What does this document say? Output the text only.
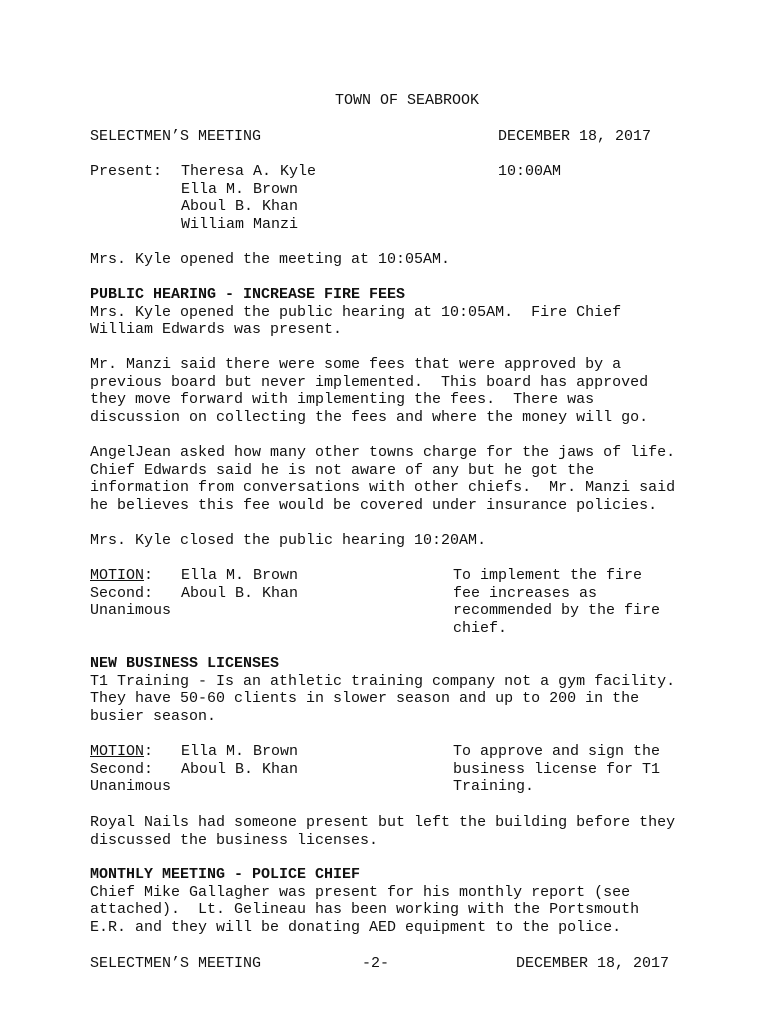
TOWN OF SEABROOK
SELECTMEN’S MEETING	DECEMBER 18, 2017
Present: Theresa A. Kyle	10:00AM
Ella M. Brown
Aboul B. Khan
William Manzi
Mrs. Kyle opened the meeting at 10:05AM.
PUBLIC HEARING - INCREASE FIRE FEES
Mrs. Kyle opened the public hearing at 10:05AM.  Fire Chief
William Edwards was present.
Mr. Manzi said there were some fees that were approved by a
previous board but never implemented.  This board has approved
they move forward with implementing the fees.  There was
discussion on collecting the fees and where the money will go.
AngelJean asked how many other towns charge for the jaws of life.
Chief Edwards said he is not aware of any but he got the
information from conversations with other chiefs.  Mr. Manzi said
he believes this fee would be covered under insurance policies.
Mrs. Kyle closed the public hearing 10:20AM.
MOTION: Ella M. Brown	To implement the fire
Second: Aboul B. Khan	fee increases as
Unanimous	recommended by the fire
chief.
NEW BUSINESS LICENSES
T1 Training - Is an athletic training company not a gym facility.
They have 50-60 clients in slower season and up to 200 in the
busier season.
MOTION: Ella M. Brown	To approve and sign the
Second: Aboul B. Khan	business license for T1
Unanimous	Training.
Royal Nails had someone present but left the building before they
discussed the business licenses.
MONTHLY MEETING - POLICE CHIEF
Chief Mike Gallagher was present for his monthly report (see
attached).  Lt. Gelineau has been working with the Portsmouth
E.R. and they will be donating AED equipment to the police.
SELECTMEN’S MEETING	-2-	DECEMBER 18, 2017
